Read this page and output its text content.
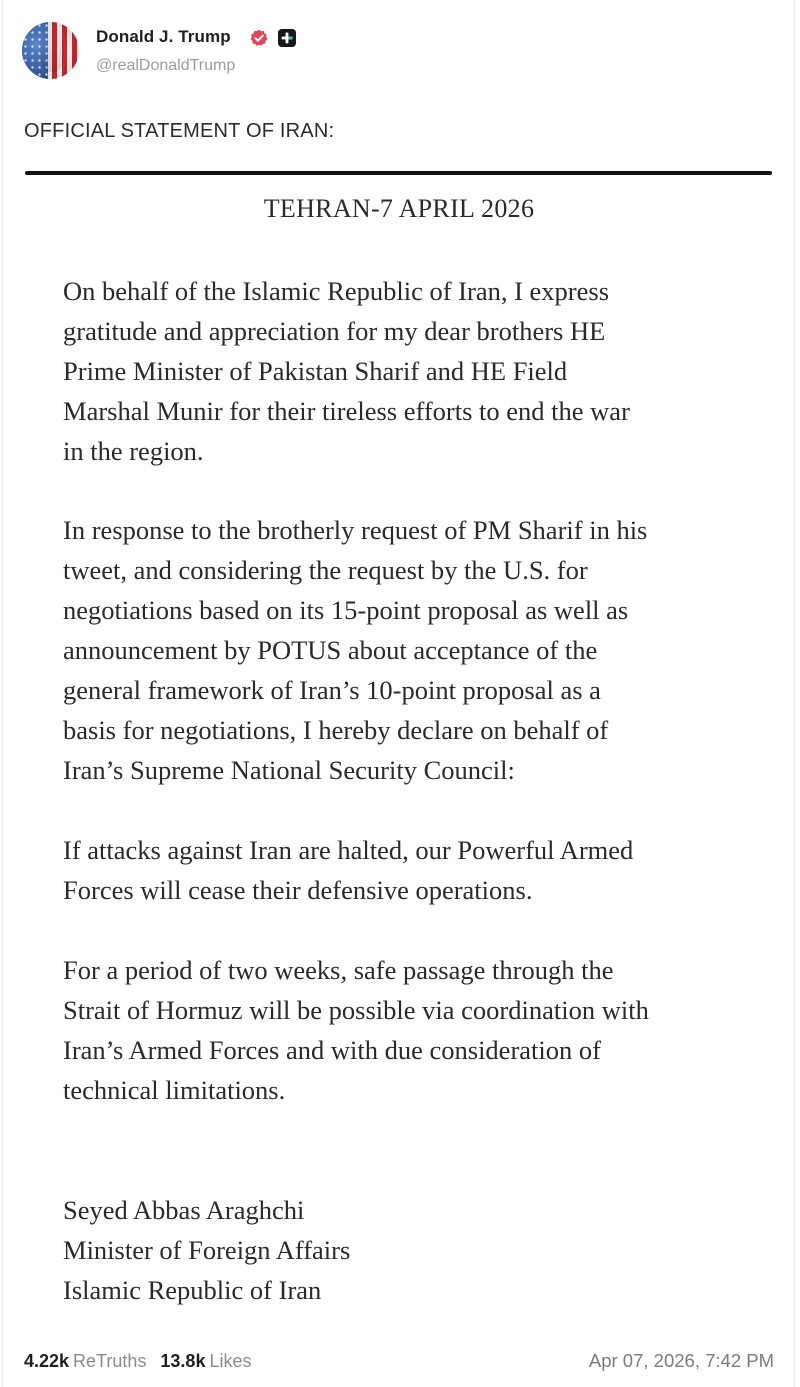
Donald J. Trump
@realDonaldTrump
OFFICIAL STATEMENT OF IRAN:
TEHRAN-7 APRIL 2026
On behalf of the Islamic Republic of Iran, I express
gratitude and appreciation for my dear brothers HE
Prime Minister of Pakistan Sharif and HE Field
Marshal Munir for their tireless efforts to end the war
in the region.
In response to the brotherly request of PM Sharif in his
tweet, and considering the request by the U.S. for
negotiations based on its 15-point proposal as well as
announcement by POTUS about acceptance of the
general framework of Iran’s 10-point proposal as a
basis for negotiations, I hereby declare on behalf of
Iran’s Supreme National Security Council:
If attacks against Iran are halted, our Powerful Armed
Forces will cease their defensive operations.
For a period of two weeks, safe passage through the
Strait of Hormuz will be possible via coordination with
Iran’s Armed Forces and with due consideration of
technical limitations.
Seyed Abbas Araghchi
Minister of Foreign Affairs
Islamic Republic of Iran
4.22k ReTruths 13.8k Likes	Apr 07, 2026, 7:42 PM
